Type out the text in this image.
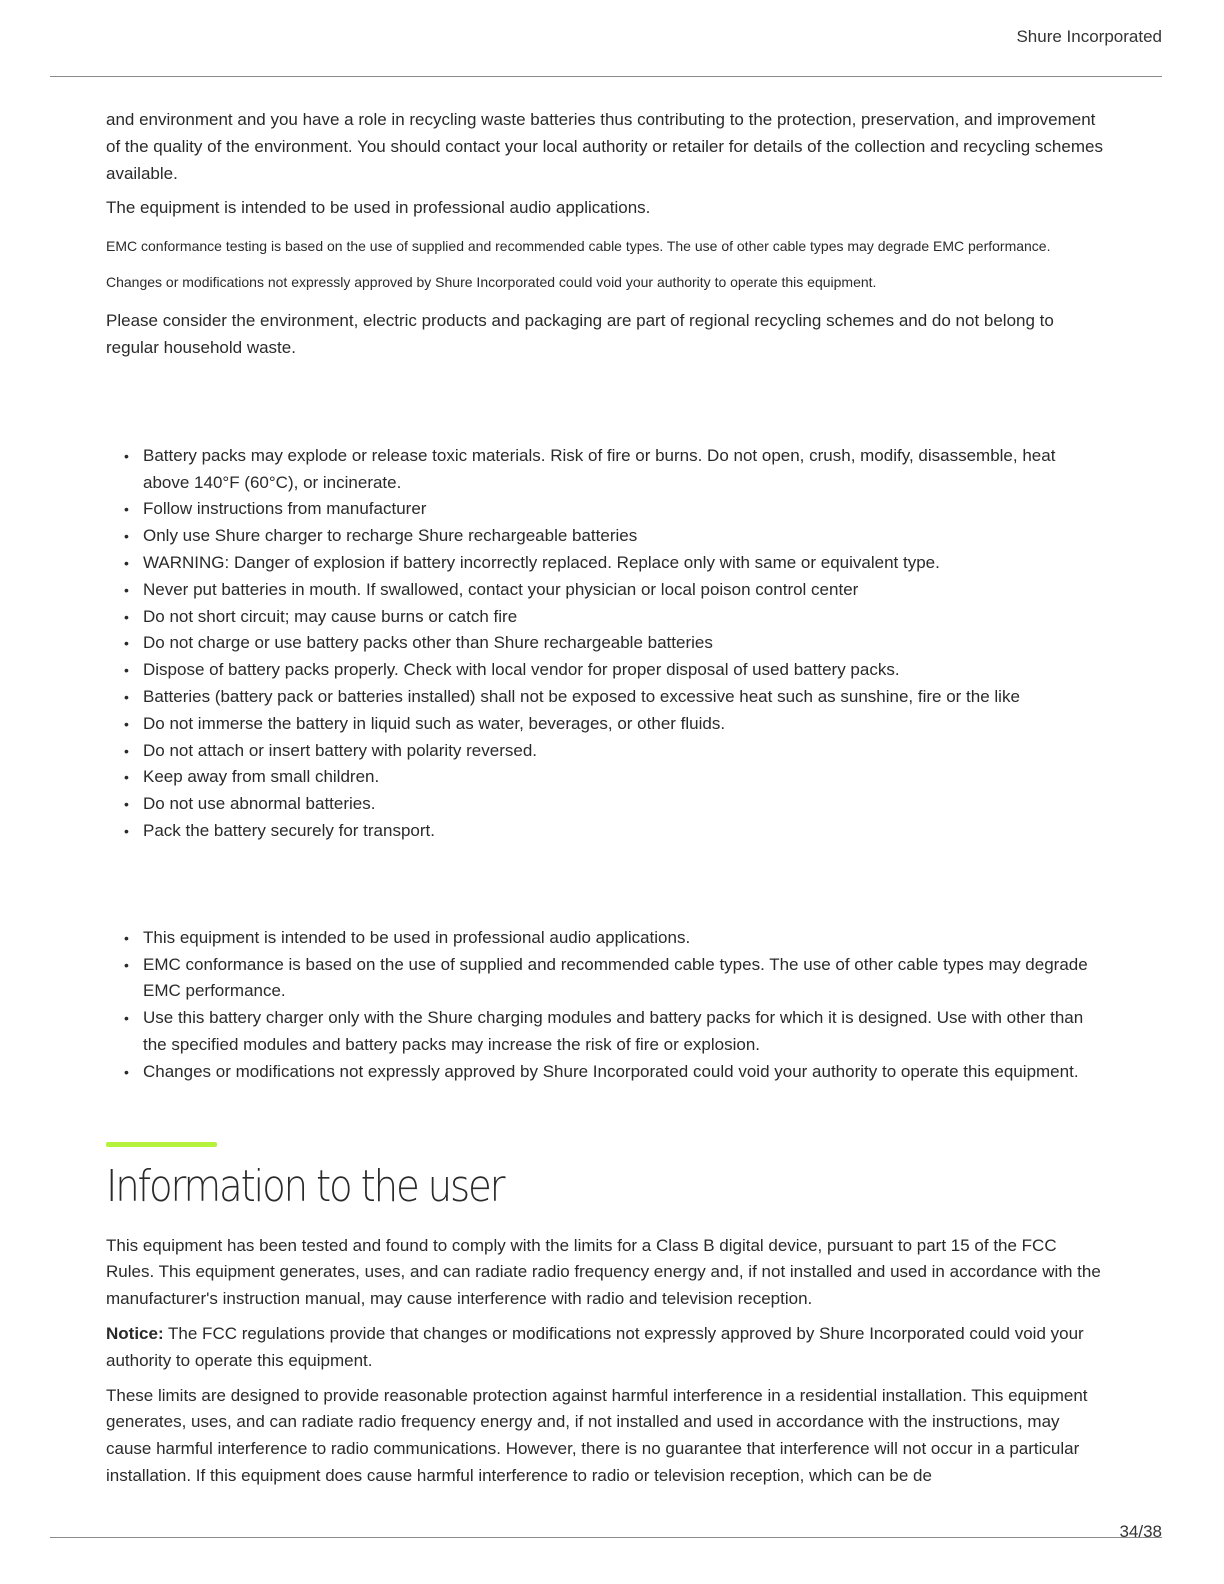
Shure Incorporated

and environment and you have a role in recycling waste batteries thus contributing to the protection, preservation, and improvement of the quality of the environment. You should contact your local authority or retailer for details of the collection and recycling schemes available.

The equipment is intended to be used in professional audio applications.

EMC conformance testing is based on the use of supplied and recommended cable types. The use of other cable types may degrade EMC performance.

Changes or modifications not expressly approved by Shure Incorporated could void your authority to operate this equipment.

Please consider the environment, electric products and packaging are part of regional recycling schemes and do not belong to regular household waste.

• Battery packs may explode or release toxic materials. Risk of fire or burns. Do not open, crush, modify, disassemble, heat above 140°F (60°C), or incinerate.
• Follow instructions from manufacturer
• Only use Shure charger to recharge Shure rechargeable batteries
• WARNING: Danger of explosion if battery incorrectly replaced. Replace only with same or equivalent type.
• Never put batteries in mouth. If swallowed, contact your physician or local poison control center
• Do not short circuit; may cause burns or catch fire
• Do not charge or use battery packs other than Shure rechargeable batteries
• Dispose of battery packs properly. Check with local vendor for proper disposal of used battery packs.
• Batteries (battery pack or batteries installed) shall not be exposed to excessive heat such as sunshine, fire or the like
• Do not immerse the battery in liquid such as water, beverages, or other fluids.
• Do not attach or insert battery with polarity reversed.
• Keep away from small children.
• Do not use abnormal batteries.
• Pack the battery securely for transport.
• This equipment is intended to be used in professional audio applications.
• EMC conformance is based on the use of supplied and recommended cable types. The use of other cable types may degrade EMC performance.
• Use this battery charger only with the Shure charging modules and battery packs for which it is designed. Use with other than the specified modules and battery packs may increase the risk of fire or explosion.
• Changes or modifications not expressly approved by Shure Incorporated could void your authority to operate this equipment.
Information to the user

This equipment has been tested and found to comply with the limits for a Class B digital device, pursuant to part 15 of the FCC Rules. This equipment generates, uses, and can radiate radio frequency energy and, if not installed and used in accordance with the manufacturer's instruction manual, may cause interference with radio and television reception.

Notice: The FCC regulations provide that changes or modifications not expressly approved by Shure Incorporated could void your authority to operate this equipment.

These limits are designed to provide reasonable protection against harmful interference in a residential installation. This equipment generates, uses, and can radiate radio frequency energy and, if not installed and used in accordance with the instructions, may cause harmful interference to radio communications. However, there is no guarantee that interference will not occur in a particular installation. If this equipment does cause harmful interference to radio or television reception, which can be de

34/38
